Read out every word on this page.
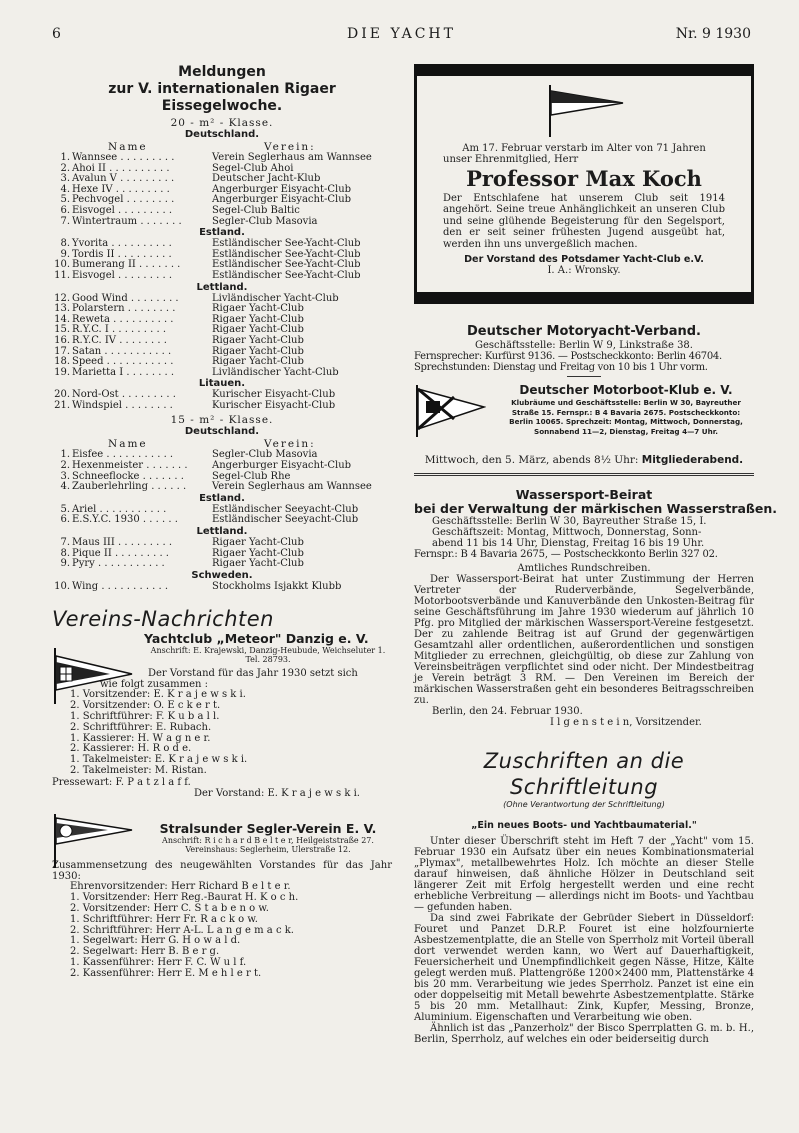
6	DIE YACHT	Nr. 9 1930
Meldungen
zur V. internationalen Rigaer Eissegelwoche.
20 - m² - Klasse.
Deutschland.
Name	Verein:
1. Wannsee . . . . . . . . .	Verein Seglerhaus am Wannsee
2. Ahoi II . . . . . . . . . .	Segel-Club Ahoi
3. Avalun V . . . . . . . . .	Deutscher Jacht-Klub
4. Hexe IV . . . . . . . . .	Angerburger Eisyacht-Club
5. Pechvogel . . . . . . . .	Angerburger Eisyacht-Club
6. Eisvogel . . . . . . . . .	Segel-Club Baltic
7. Wintertraum . . . . . . .	Segler-Club Masovia
Estland.
8. Yvorita . . . . . . . . . .	Estländischer See-Yacht-Club
9. Tordis II . . . . . . . . .	Estländischer See-Yacht-Club
10. Bumerang II . . . . . . .	Estländischer See-Yacht-Club
11. Eisvogel . . . . . . . . .	Estländischer See-Yacht-Club
Lettland.
12. Good Wind . . . . . . . .	Livländischer Yacht-Club
13. Polarstern . . . . . . . .	Rigaer Yacht-Club
14. Reweta . . . . . . . . . .	Rigaer Yacht-Club
15. R.Y.C. I . . . . . . . . .	Rigaer Yacht-Club
16. R.Y.C. IV . . . . . . . .	Rigaer Yacht-Club
17. Satan . . . . . . . . . . .	Rigaer Yacht-Club
18. Speed . . . . . . . . . . .	Rigaer Yacht-Club
19. Marietta I . . . . . . . .	Livländischer Yacht-Club
Litauen.
20. Nord-Ost . . . . . . . . .	Kurischer Eisyacht-Club
21. Windspiel . . . . . . . .	Kurischer Eisyacht-Club
15 - m² - Klasse.
Deutschland.
Name	Verein:
1. Eisfee . . . . . . . . . . .	Segler-Club Masovia
2. Hexenmeister . . . . . . . Angerburger Eisyacht-Club
3. Schneeflocke . . . . . . .	Segel-Club Rhe
4. Zauberlehrling . . . . . .	Verein Seglerhaus am Wannsee
Estland.
5. Ariel . . . . . . . . . . .	Estländischer Seeyacht-Club
6. E.S.Y.C. 1930 . . . . . .	Estländischer Seeyacht-Club
Lettland.
7. Maus III . . . . . . . . .	Rigaer Yacht-Club
8. Pique II . . . . . . . . .	Rigaer Yacht-Club
9. Pyry . . . . . . . . . . .	Rigaer Yacht-Club
Schweden.
10. Wing . . . . . . . . . . .	Stockholms Isjakkt Klubb
Vereins-Nachrichten
Yachtclub „Meteor" Danzig e. V.
Anschrift: E. Krajewski, Danzig-Heubude, Weichseluter 1.
Tel. 28793.
Der Vorstand für das Jahr 1930 setzt sich
wie folgt zusammen :
1. Vorsitzender: E. K r a j e w s k i.
2. Vorsitzender: O. E c k e r t.
1. Schriftführer: F. K u b a l l.
2. Schriftführer: E. Rubach.
1. Kassierer: H. W a g n e r.
2. Kassierer: H. R o d e.
1. Takelmeister: E. K r a j e w s k i.
2. Takelmeister: M. Ristan.
Pressewart: F. P a t z l a f f.
Der Vorstand: E. K r a j e w s k i.
Stralsunder Segler-Verein E. V.
Anschrift: R i c h a r d B e l t e r, Heilgeiststraße 27.
Vereinshaus: Seglerheim, Ulerstraße 12.
Zusammensetzung des neugewählten Vorstandes für das Jahr 1930:
Ehrenvorsitzender: Herr Richard B e l t e r.
1. Vorsitzender: Herr Reg.-Baurat H. K o c h.
2. Vorsitzender: Herr C. S t a b e n o w.
1. Schriftführer: Herr Fr. R a c k o w.
2. Schriftführer: Herr A-L. L a n g e m a c k.
1. Segelwart: Herr G. H o w a l d.
2. Segelwart: Herr B. B e r g.
1. Kassenführer: Herr F. C. W u l f.
2. Kassenführer: Herr E. M e h l e r t.
Am 17. Februar verstarb im Alter von 71 Jahren
unser Ehrenmitglied, Herr
Professor Max Koch
Der Entschlafene hat unserem Club seit 1914 angehört. Seine treue Anhänglichkeit an unseren Club und seine glühende Begeisterung für den Segelsport, den er seit seiner frühesten Jugend ausgeübt hat, werden ihn uns unvergeßlich machen.
Der Vorstand des Potsdamer Yacht-Club e.V.
I. A.: Wronsky.
Deutscher Motoryacht-Verband.
Geschäftsstelle: Berlin W 9, Linkstraße 38.
Fernsprecher: Kurfürst 9136. — Postscheckkonto: Berlin 46704.
Sprechstunden: Dienstag und Freitag von 10 bis 1 Uhr vorm.
Deutscher Motorboot-Klub e. V.
Klubräume und Geschäftsstelle: Berlin W 30, Bayreuther
Straße 15. Fernspr.: B 4 Bavaria 2675. Postscheckkonto:
Berlin 10065. Sprechzeit: Montag, Mittwoch, Donnerstag,
Sonnabend 11—2, Dienstag, Freitag 4—7 Uhr.
Mittwoch, den 5. März, abends 8½ Uhr: Mitgliederabend.
Wassersport-Beirat
bei der Verwaltung der märkischen Wasserstraßen.
Geschäftsstelle: Berlin W 30, Bayreuther Straße 15, I.
Geschäftszeit: Montag, Mittwoch, Donnerstag, Sonn-
abend 11 bis 14 Uhr, Dienstag, Freitag 16 bis 19 Uhr.
Fernspr.: B 4 Bavaria 2675, — Postscheckkonto Berlin 327 02.
Amtliches Rundschreiben.
Der Wassersport-Beirat hat unter Zustimmung der Herren Vertreter der Ruderverbände, Segelverbände, Motorbootsverbände und Kanuverbände den Unkosten-Beitrag für seine Geschäftsführung im Jahre 1930 wiederum auf jährlich 10 Pfg. pro Mitglied der märkischen Wassersport-Vereine festgesetzt. Der zu zahlende Beitrag ist auf Grund der gegenwärtigen Gesamtzahl aller ordentlichen, außerordentlichen und sonstigen Mitglieder zu errechnen, gleichgültig, ob diese zur Zahlung von Vereinsbeiträgen verpflichtet sind oder nicht. Der Mindestbeitrag je Verein beträgt 3 RM. — Den Vereinen im Bereich der märkischen Wasserstraßen geht ein besonderes Beitragsschreiben zu.
Berlin, den 24. Februar 1930.
I l g e n s t e i n, Vorsitzender.
Zuschriften an die Schriftleitung
(Ohne Verantwortung der Schriftleitung)
„Ein neues Boots- und Yachtbaumaterial."
Unter dieser Überschrift steht im Heft 7 der „Yacht" vom 15. Februar 1930 ein Aufsatz über ein neues Kombinationsmaterial „Plymax", metallbewehrtes Holz. Ich möchte an dieser Stelle darauf hinweisen, daß ähnliche Hölzer in Deutschland seit längerer Zeit mit Erfolg hergestellt werden und eine recht erhebliche Verbreitung — allerdings nicht im Boots- und Yachtbau — gefunden haben.
Da sind zwei Fabrikate der Gebrüder Siebert in Düsseldorf: Fouret und Panzet D.R.P. Fouret ist eine holzfournierte Asbestzementplatte, die an Stelle von Sperrholz mit Vorteil überall dort verwendet werden kann, wo Wert auf Dauerhaftigkeit, Feuersicherheit und Unempfindlichkeit gegen Nässe, Hitze, Kälte gelegt werden muß. Plattengröße 1200×2400 mm, Plattenstärke 4 bis 20 mm. Verarbeitung wie jedes Sperrholz. Panzet ist eine ein oder doppelseitig mit Metall bewehrte Asbestzementplatte. Stärke 5 bis 20 mm. Metallhaut: Zink, Kupfer, Messing, Bronze, Aluminium. Eigenschaften und Verarbeitung wie oben.
Ähnlich ist das „Panzerholz" der Bisco Sperrplatten G. m. b. H., Berlin, Sperrholz, auf welches ein oder beiderseitig durch
